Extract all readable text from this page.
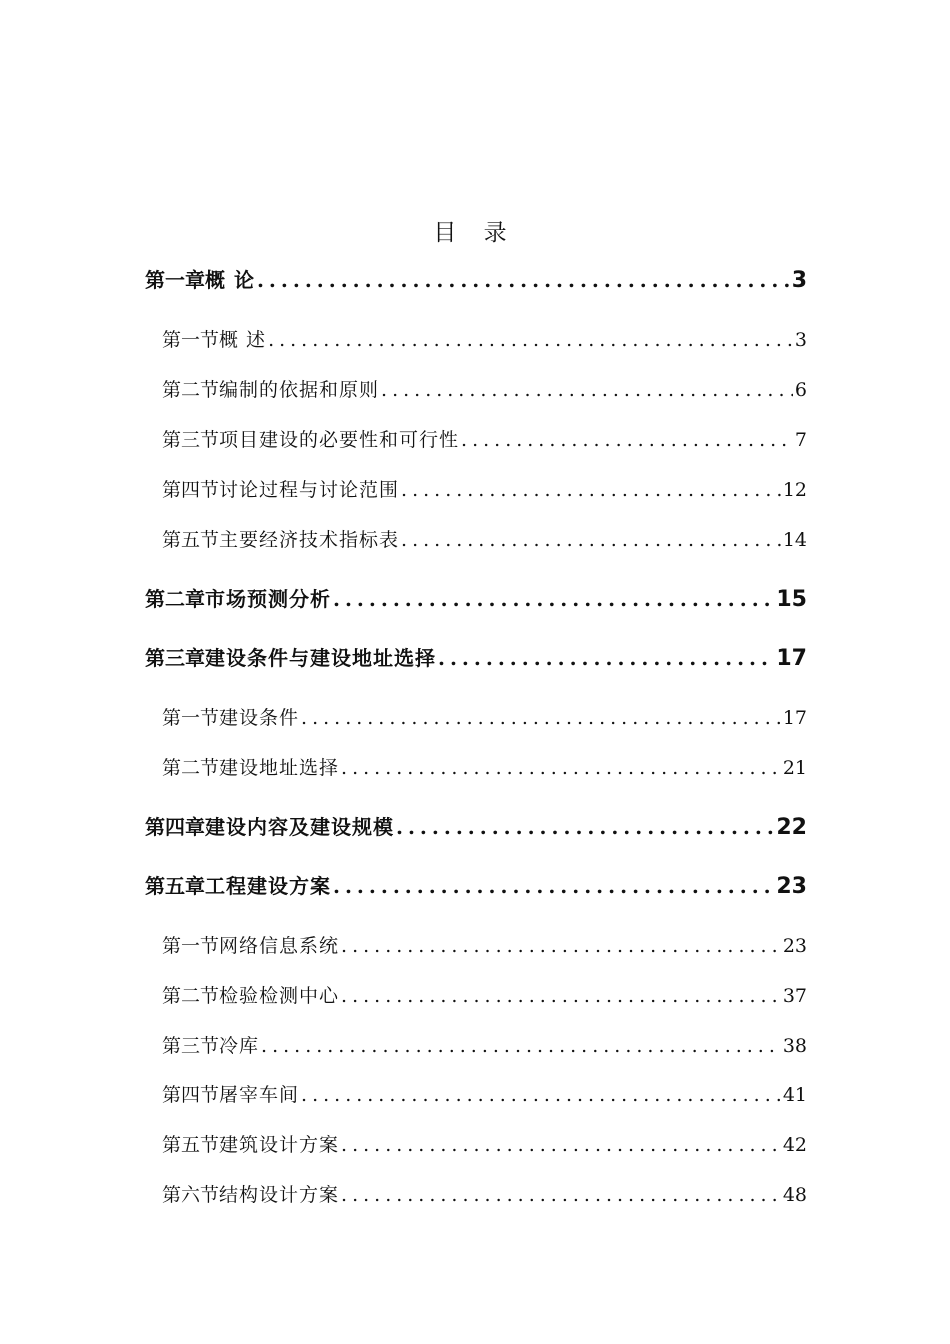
目 录
第一章 概 论 .....	3
第一节 概 述 .....	3
第二节 编制的依据和原则 .....	6
第三节 项目建设的必要性和可行性 .....	7
第四节 讨论过程与讨论范围 .....	12
第五节 主要经济技术指标表 .....	14
第二章 市场预测分析 .....	15
第三章 建设条件与建设地址选择 .....	17
第一节 建设条件 .....	17
第二节 建设地址选择 .....	21
第四章 建设内容及建设规模 .....	22
第五章 工程建设方案 .....	23
第一节 网络信息系统 .....	23
第二节 检验检测中心 .....	37
第三节 冷库 .....	38
第四节 屠宰车间 .....	41
第五节 建筑设计方案 .....	42
第六节 结构设计方案 .....	48
